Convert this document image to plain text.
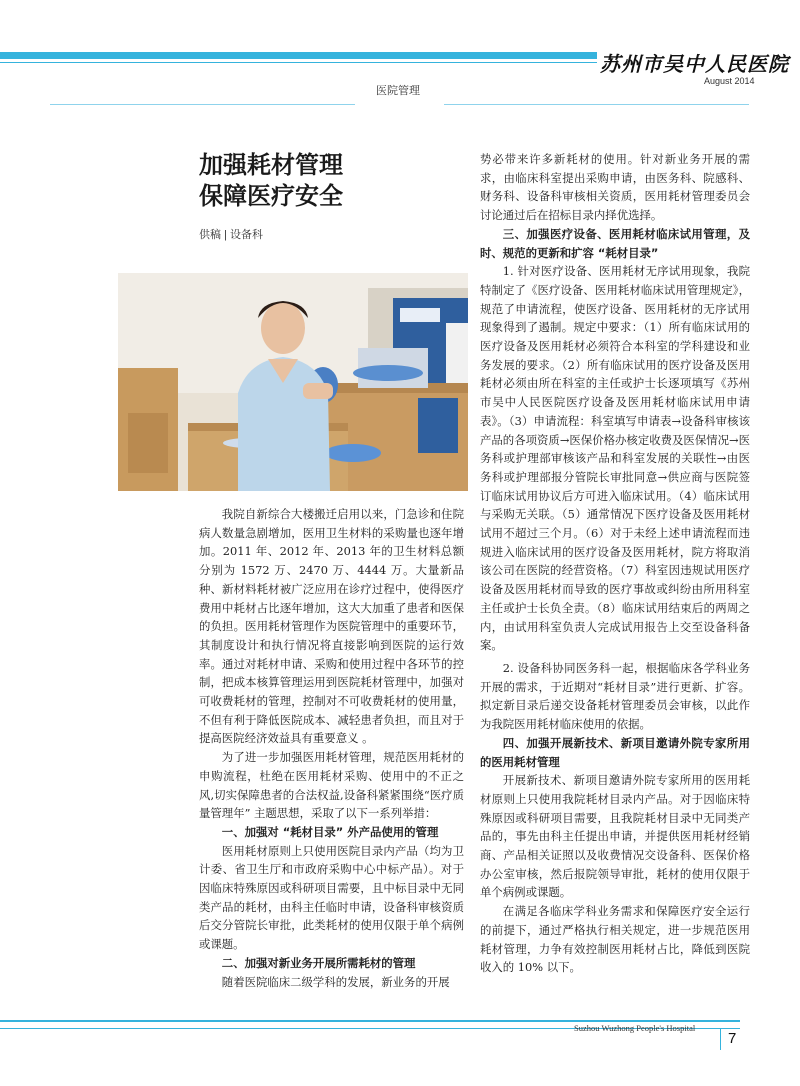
苏州市吴中人民医院
August 2014
医院管理
加强耗材管理
保障医疗安全
供稿 | 设备科

我院自新综合大楼搬迁启用以来，门急诊和住院病人数量急剧增加，医用卫生材料的采购量也逐年增加。2011 年、2012 年、2013 年的卫生材料总额分别为 1572 万、2470 万、4444 万。大量新品种、新材料耗材被广泛应用在诊疗过程中，使得医疗费用中耗材占比逐年增加，这大大加重了患者和医保的负担。医用耗材管理作为医院管理中的重要环节，其制度设计和执行情况将直接影响到医院的运行效率。通过对耗材申请、采购和使用过程中各环节的控制，把成本核算管理运用到医院耗材管理中，加强对可收费耗材的管理，控制对不可收费耗材的使用量，不但有利于降低医院成本、减轻患者负担，而且对于提高医院经济效益具有重要意义 。

为了进一步加强医用耗材管理，规范医用耗材的申购流程，杜绝在医用耗材采购、使用中的不正之风,切实保障患者的合法权益,设备科紧紧围绕“医疗质量管理年” 主题思想，采取了以下一系列举措：

一、加强对 “耗材目录” 外产品使用的管理

医用耗材原则上只使用医院目录内产品（均为卫计委、省卫生厅和市政府采购中心中标产品）。对于因临床特殊原因或科研项目需要，且中标目录中无同类产品的耗材，由科主任临时申请，设备科审核资质后交分管院长审批，此类耗材的使用仅限于单个病例或课题。

二、加强对新业务开展所需耗材的管理

随着医院临床二级学科的发展，新业务的开展

势必带来许多新耗材的使用。针对新业务开展的需求，由临床科室提出采购申请，由医务科、院感科、财务科、设备科审核相关资质，医用耗材管理委员会讨论通过后在招标目录内择优选择。

三、加强医疗设备、医用耗材临床试用管理，及时、规范的更新和扩容 “耗材目录”

1. 针对医疗设备、医用耗材无序试用现象，我院特制定了《医疗设备、医用耗材临床试用管理规定》，规范了申请流程，使医疗设备、医用耗材的无序试用现象得到了遏制。规定中要求：（1）所有临床试用的医疗设备及医用耗材必须符合本科室的学科建设和业务发展的要求。（2）所有临床试用的医疗设备及医用耗材必须由所在科室的主任或护士长逐项填写《苏州市吴中人民医院医疗设备及医用耗材临床试用申请表》。（3）申请流程：科室填写申请表→设备科审核该产品的各项资质→医保价格办核定收费及医保情况→医务科或护理部审核该产品和科室发展的关联性→由医务科或护理部报分管院长审批同意→供应商与医院签订临床试用协议后方可进入临床试用。（4）临床试用与采购无关联。（5）通常情况下医疗设备及医用耗材试用不超过三个月。（6）对于未经上述申请流程而违规进入临床试用的医疗设备及医用耗材，院方将取消该公司在医院的经营资格。（7）科室因违规试用医疗设备及医用耗材而导致的医疗事故或纠纷由所用科室主任或护士长负全责。（8）临床试用结束后的两周之内，由试用科室负责人完成试用报告上交至设备科备案。

2. 设备科协同医务科一起，根据临床各学科业务开展的需求，于近期对“耗材目录”进行更新、扩容。拟定新目录后递交设备耗材管理委员会审核，以此作为我院医用耗材临床使用的依据。

四、加强开展新技术、新项目邀请外院专家所用的医用耗材管理

开展新技术、新项目邀请外院专家所用的医用耗材原则上只使用我院耗材目录内产品。对于因临床特殊原因或科研项目需要，且我院耗材目录中无同类产品的，事先由科主任提出申请，并提供医用耗材经销商、产品相关证照以及收费情况交设备科、医保价格办公室审核，然后报院领导审批，耗材的使用仅限于单个病例或课题。

在满足各临床学科业务需求和保障医疗安全运行的前提下，通过严格执行相关规定，进一步规范医用耗材管理，力争有效控制医用耗材占比，降低到医院收入的 10% 以下。

Suzhou Wuzhong People's Hospital
7
